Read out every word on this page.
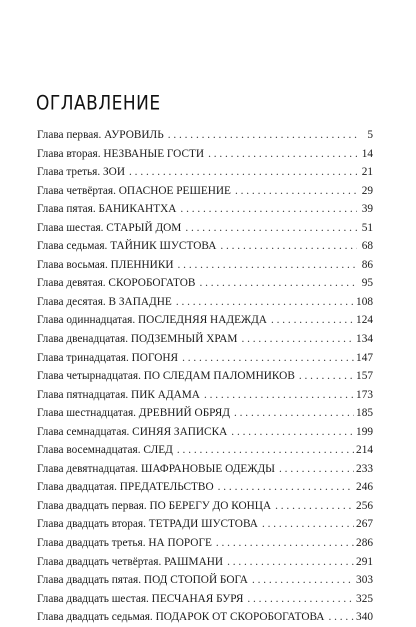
ОГЛАВЛЕНИЕ
Глава первая. АУРОВИЛЬ . . .	5
Глава вторая. НЕЗВАНЫЕ ГОСТИ . . .	14
Глава третья. ЗОИ . . .	21
Глава четвёртая. ОПАСНОЕ РЕШЕНИЕ . . .	29
Глава пятая. БАНИКАНТХА . . .	39
Глава шестая. СТАРЫЙ ДОМ . . .	51
Глава седьмая. ТАЙНИК ШУСТОВА . . .	68
Глава восьмая. ПЛЕННИКИ . . .	86
Глава девятая. СКОРОБОГАТОВ . . .	95
Глава десятая. В ЗАПАДНЕ . . .	108
Глава одиннадцатая. ПОСЛЕДНЯЯ НАДЕЖДА . . .	124
Глава двенадцатая. ПОДЗЕМНЫЙ ХРАМ . . .	134
Глава тринадцатая. ПОГОНЯ . . .	147
Глава четырнадцатая. ПО СЛЕДАМ ПАЛОМНИКОВ . . .	157
Глава пятнадцатая. ПИК АДАМА . . .	173
Глава шестнадцатая. ДРЕВНИЙ ОБРЯД . . .	185
Глава семнадцатая. СИНЯЯ ЗАПИСКА . . .	199
Глава восемнадцатая. СЛЕД . . .	214
Глава девятнадцатая. ШАФРАНОВЫЕ ОДЕЖДЫ . . .	233
Глава двадцатая. ПРЕДАТЕЛЬСТВО . . .	246
Глава двадцать первая. ПО БЕРЕГУ ДО КОНЦА . . .	256
Глава двадцать вторая. ТЕТРАДИ ШУСТОВА . . .	267
Глава двадцать третья. НА ПОРОГЕ . . .	286
Глава двадцать четвёртая. РАШМАНИ . . .	291
Глава двадцать пятая. ПОД СТОПОЙ БОГА . . .	303
Глава двадцать шестая. ПЕСЧАНАЯ БУРЯ . . .	325
Глава двадцать седьмая. ПОДАРОК ОТ СКОРОБОГАТОВА . . .	340
